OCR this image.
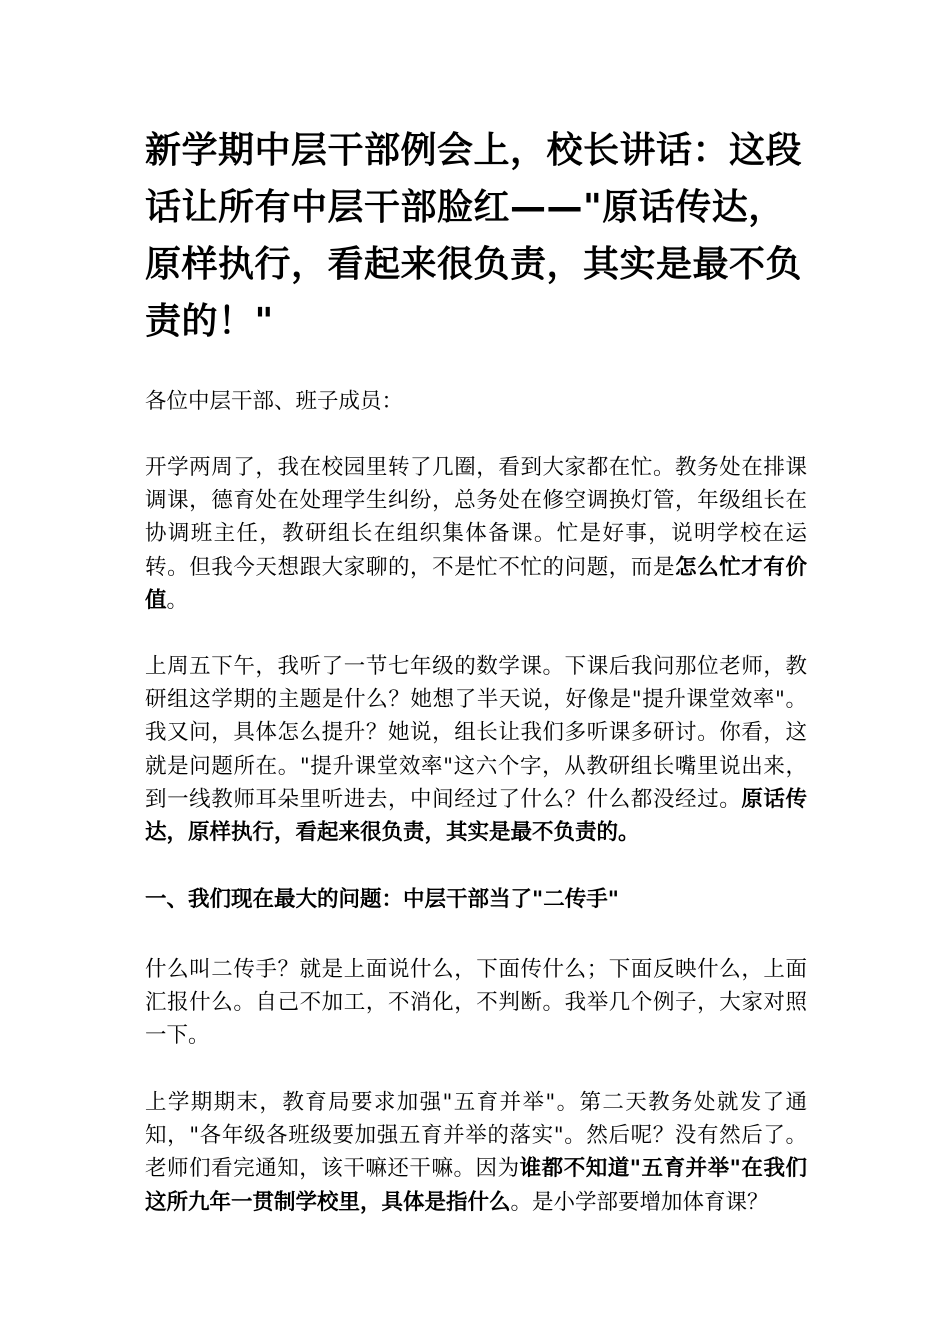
新学期中层干部例会上，校长讲话：这段话让所有中层干部脸红——"原话传达，原样执行，看起来很负责，其实是最不负责的！"

各位中层干部、班子成员：

开学两周了，我在校园里转了几圈，看到大家都在忙。教务处在排课调课，德育处在处理学生纠纷，总务处在修空调换灯管，年级组长在协调班主任，教研组长在组织集体备课。忙是好事，说明学校在运转。但我今天想跟大家聊的，不是忙不忙的问题，而是怎么忙才有价值。

上周五下午，我听了一节七年级的数学课。下课后我问那位老师，教研组这学期的主题是什么？她想了半天说，好像是"提升课堂效率"。我又问，具体怎么提升？她说，组长让我们多听课多研讨。你看，这就是问题所在。"提升课堂效率"这六个字，从教研组长嘴里说出来，到一线教师耳朵里听进去，中间经过了什么？什么都没经过。原话传达，原样执行，看起来很负责，其实是最不负责的。

一、我们现在最大的问题：中层干部当了"二传手"

什么叫二传手？就是上面说什么，下面传什么；下面反映什么，上面汇报什么。自己不加工，不消化，不判断。我举几个例子，大家对照一下。

上学期期末，教育局要求加强"五育并举"。第二天教务处就发了通知，"各年级各班级要加强五育并举的落实"。然后呢？没有然后了。老师们看完通知，该干嘛还干嘛。因为谁都不知道"五育并举"在我们这所九年一贯制学校里，具体是指什么。是小学部要增加体育课？
